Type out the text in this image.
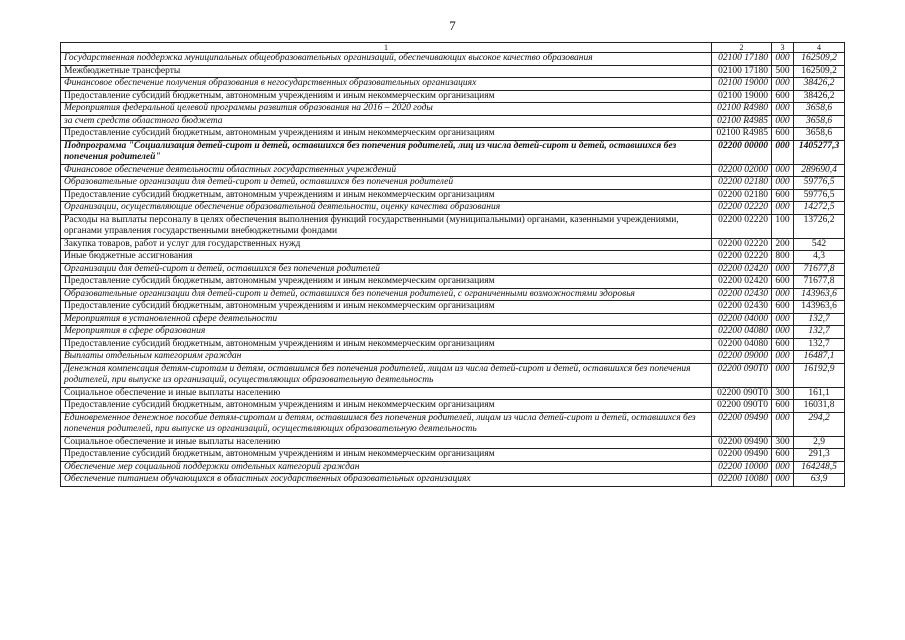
7
1	2	3	4
Государственная поддержка муниципальных общеобразовательных организаций, обеспечивающих высокое качество образования	02100 17180	000	162509,2
Межбюджетные трансферты	02100 17180	500	162509,2
Финансовое обеспечение получения образования в негосударственных образовательных организациях	02100 19000	000	38426,2
Предоставление субсидий бюджетным, автономным учреждениям и иным некоммерческим организациям	02100 19000	600	38426,2
Мероприятия федеральной целевой программы развития образования на 2016 – 2020 годы	02100 R4980	000	3658,6
за счет средств областного бюджета	02100 R4985	000	3658,6
Предоставление субсидий бюджетным, автономным учреждениям и иным некоммерческим организациям	02100 R4985	600	3658,6
Подпрограмма "Социализация детей-сирот и детей, оставшихся без попечения родителей, лиц из числа детей-сирот и детей, оставшихся без попечения родителей"	02200 00000	000	1405277,3
Финансовое обеспечение деятельности областных государственных учреждений	02200 02000	000	289690,4
Образовательные организации для детей-сирот и детей, оставшихся без попечения родителей	02200 02180	000	59776,5
Предоставление субсидий бюджетным, автономным учреждениям и иным некоммерческим организациям	02200 02180	600	59776,5
Организации, осуществляющие обеспечение образовательной деятельности, оценку качества образования	02200 02220	000	14272,5
Расходы на выплаты персоналу в целях обеспечения выполнения функций государственными (муниципальными) органами, казенными учреждениями, органами управления государственными внебюджетными фондами	02200 02220	100	13726,2
Закупка товаров, работ и услуг для государственных нужд	02200 02220	200	542
Иные бюджетные ассигнования	02200 02220	800	4,3
Организации для детей-сирот и детей, оставшихся без попечения родителей	02200 02420	000	71677,8
Предоставление субсидий бюджетным, автономным учреждениям и иным некоммерческим организациям	02200 02420	600	71677,8
Образовательные организации для детей-сирот и детей, оставшихся без попечения родителей, с ограниченными возможностями здоровья	02200 02430	000	143963,6
Предоставление субсидий бюджетным, автономным учреждениям и иным некоммерческим организациям	02200 02430	600	143963,6
Мероприятия в установленной сфере деятельности	02200 04000	000	132,7
Мероприятия в сфере образования	02200 04080	000	132,7
Предоставление субсидий бюджетным, автономным учреждениям и иным некоммерческим организациям	02200 04080	600	132,7
Выплаты отдельным категориям граждан	02200 09000	000	16487,1
Денежная компенсация детям-сиротам и детям, оставшимся без попечения родителей, лицам из числа детей-сирот и детей, оставшихся без попечения родителей, при выпуске из организаций, осуществляющих образовательную деятельность	02200 090Т0	000	16192,9
Социальное обеспечение и иные выплаты населению	02200 090Т0	300	161,1
Предоставление субсидий бюджетным, автономным учреждениям и иным некоммерческим организациям	02200 090Т0	600	16031,8
Единовременное денежное пособие детям-сиротам и детям, оставшимся без попечения родителей, лицам из числа детей-сирот и детей, оставшихся без попечения родителей, при выпуске из организаций, осуществляющих образовательную деятельность	02200 09490	000	294,2
Социальное обеспечение и иные выплаты населению	02200 09490	300	2,9
Предоставление субсидий бюджетным, автономным учреждениям и иным некоммерческим организациям	02200 09490	600	291,3
Обеспечение мер социальной поддержки отдельных категорий граждан	02200 10000	000	164248,5
Обеспечение питанием обучающихся в областных государственных образовательных организациях	02200 10080	000	63,9
